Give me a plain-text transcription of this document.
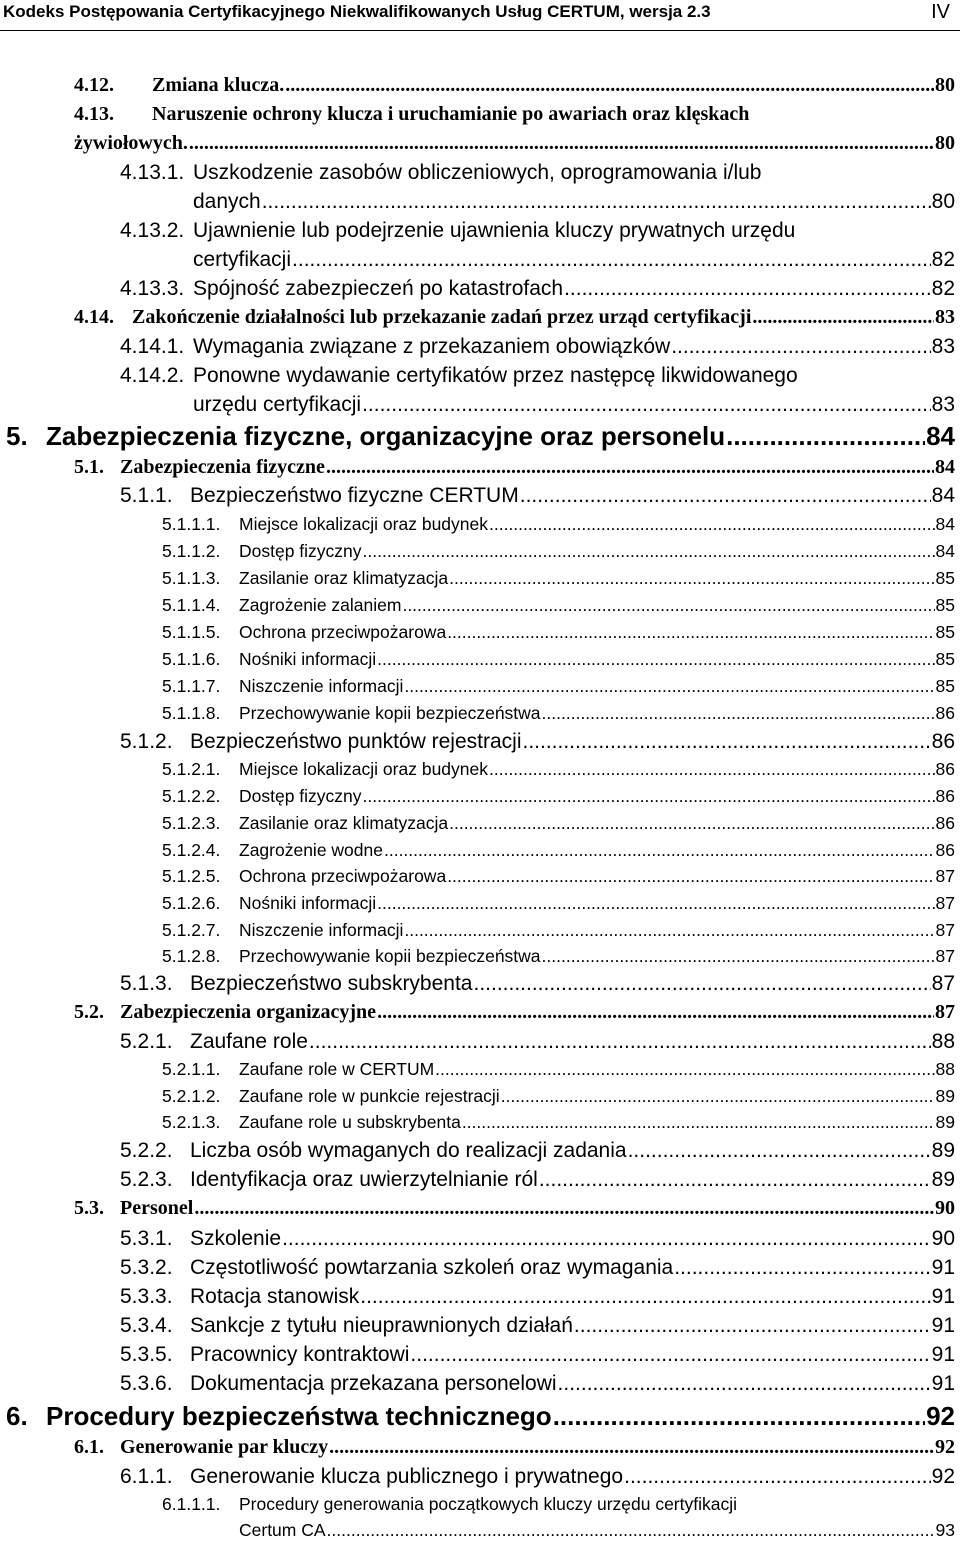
Kodeks Postępowania Certyfikacyjnego Niekwalifikowanych Usług CERTUM, wersja 2.3	IV
4.12.	Zmiana klucza. .....	80
4.13. Naruszenie ochrony klucza i uruchamianie po awariach oraz klęskach
żywiołowych. .....	80
4.13.1. Uszkodzenie zasobów obliczeniowych, oprogramowania i/lub
danych .....	80
4.13.2. Ujawnienie lub podejrzenie ujawnienia kluczy prywatnych urzędu
certyfikacji .....	82
4.13.3. Spójność zabezpieczeń po katastrofach .....	82
4.14. Zakończenie działalności lub przekazanie zadań przez urząd certyfikacji .....	83
4.14.1. Wymagania związane z przekazaniem obowiązków .....	83
4.14.2. Ponowne wydawanie certyfikatów przez następcę likwidowanego
urzędu certyfikacji .....	83
5. Zabezpieczenia fizyczne, organizacyjne oraz personelu .....	84
5.1. Zabezpieczenia fizyczne .....	84
5.1.1. Bezpieczeństwo fizyczne CERTUM .....	84
5.1.1.1.	Miejsce lokalizacji oraz budynek .....	84
5.1.1.2.	Dostęp fizyczny .....	84
5.1.1.3.	Zasilanie oraz klimatyzacja .....	85
5.1.1.4.	Zagrożenie zalaniem .....	85
5.1.1.5.	Ochrona przeciwpożarowa .....	85
5.1.1.6.	Nośniki informacji .....	85
5.1.1.7.	Niszczenie informacji .....	85
5.1.1.8.	Przechowywanie kopii bezpieczeństwa .....	86
5.1.2. Bezpieczeństwo punktów rejestracji .....	86
5.1.2.1.	Miejsce lokalizacji oraz budynek .....	86
5.1.2.2.	Dostęp fizyczny .....	86
5.1.2.3.	Zasilanie oraz klimatyzacja .....	86
5.1.2.4.	Zagrożenie wodne .....	86
5.1.2.5.	Ochrona przeciwpożarowa .....	87
5.1.2.6.	Nośniki informacji .....	87
5.1.2.7.	Niszczenie informacji .....	87
5.1.2.8.	Przechowywanie kopii bezpieczeństwa .....	87
5.1.3. Bezpieczeństwo subskrybenta .....	87
5.2. Zabezpieczenia organizacyjne .....	87
5.2.1. Zaufane role .....	88
5.2.1.1.	Zaufane role w CERTUM .....	88
5.2.1.2.	Zaufane role w punkcie rejestracji .....	89
5.2.1.3.	Zaufane role u subskrybenta .....	89
5.2.2. Liczba osób wymaganych do realizacji zadania .....	89
5.2.3. Identyfikacja oraz uwierzytelnianie ról .....	89
5.3. Personel .....	90
5.3.1. Szkolenie .....	90
5.3.2. Częstotliwość powtarzania szkoleń oraz wymagania .....	91
5.3.3. Rotacja stanowisk .....	91
5.3.4. Sankcje z tytułu nieuprawnionych działań .....	91
5.3.5. Pracownicy kontraktowi .....	91
5.3.6. Dokumentacja przekazana personelowi .....	91
6. Procedury bezpieczeństwa technicznego .....	92
6.1. Generowanie par kluczy .....	92
6.1.1. Generowanie klucza publicznego i prywatnego .....	92
6.1.1.1. Procedury generowania początkowych kluczy urzędu certyfikacji
Certum CA .....	93
